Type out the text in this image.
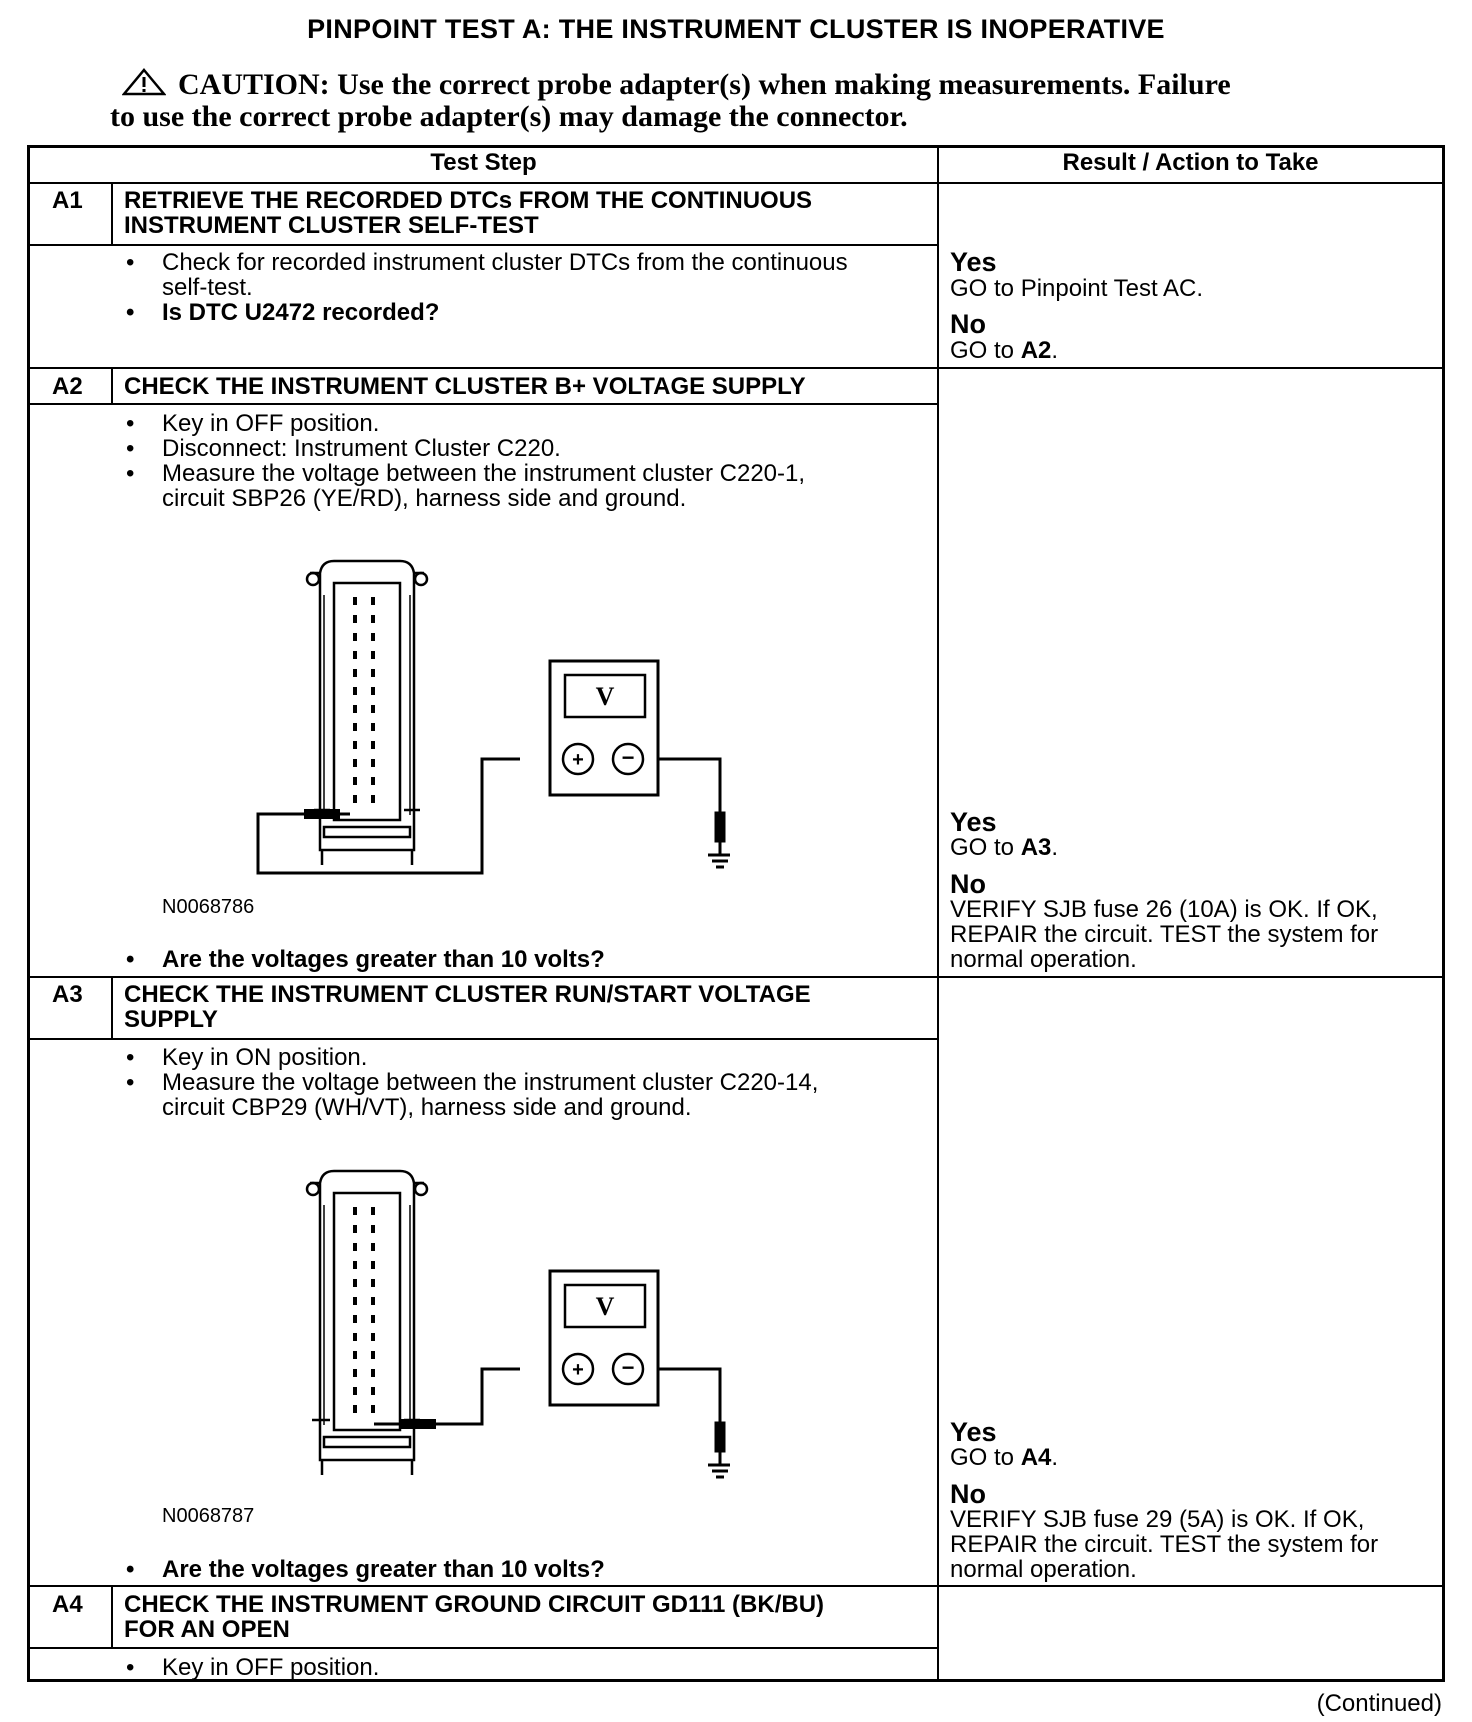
PINPOINT TEST A: THE INSTRUMENT CLUSTER IS INOPERATIVE
CAUTION: Use the correct probe adapter(s) when making measurements. Failure
to use the correct probe adapter(s) may damage the connector.
Test Step	Result / Action to Take
A1 RETRIEVE THE RECORDED DTCs FROM THE CONTINUOUS
INSTRUMENT CLUSTER SELF-TEST
• Check for recorded instrument cluster DTCs from the continuous
self-test.
• Is DTC U2472 recorded?
Yes
GO to Pinpoint Test AC.
No
GO to A2.
A2 CHECK THE INSTRUMENT CLUSTER B+ VOLTAGE SUPPLY
• Key in OFF position.
• Disconnect: Instrument Cluster C220.
• Measure the voltage between the instrument cluster C220-1,
circuit SBP26 (YE/RD), harness side and ground.
+ −
V
N0068786
• Are the voltages greater than 10 volts?
Yes
GO to A3.
No
VERIFY SJB fuse 26 (10A) is OK. If OK,
REPAIR the circuit. TEST the system for
normal operation.
A3 CHECK THE INSTRUMENT CLUSTER RUN/START VOLTAGE
SUPPLY
• Key in ON position.
• Measure the voltage between the instrument cluster C220-14,
circuit CBP29 (WH/VT), harness side and ground.
+ −
V
N0068787
• Are the voltages greater than 10 volts?
Yes
GO to A4.
No
VERIFY SJB fuse 29 (5A) is OK. If OK,
REPAIR the circuit. TEST the system for
normal operation.
A4 CHECK THE INSTRUMENT GROUND CIRCUIT GD111 (BK/BU)
FOR AN OPEN
• Key in OFF position.
(Continued)
